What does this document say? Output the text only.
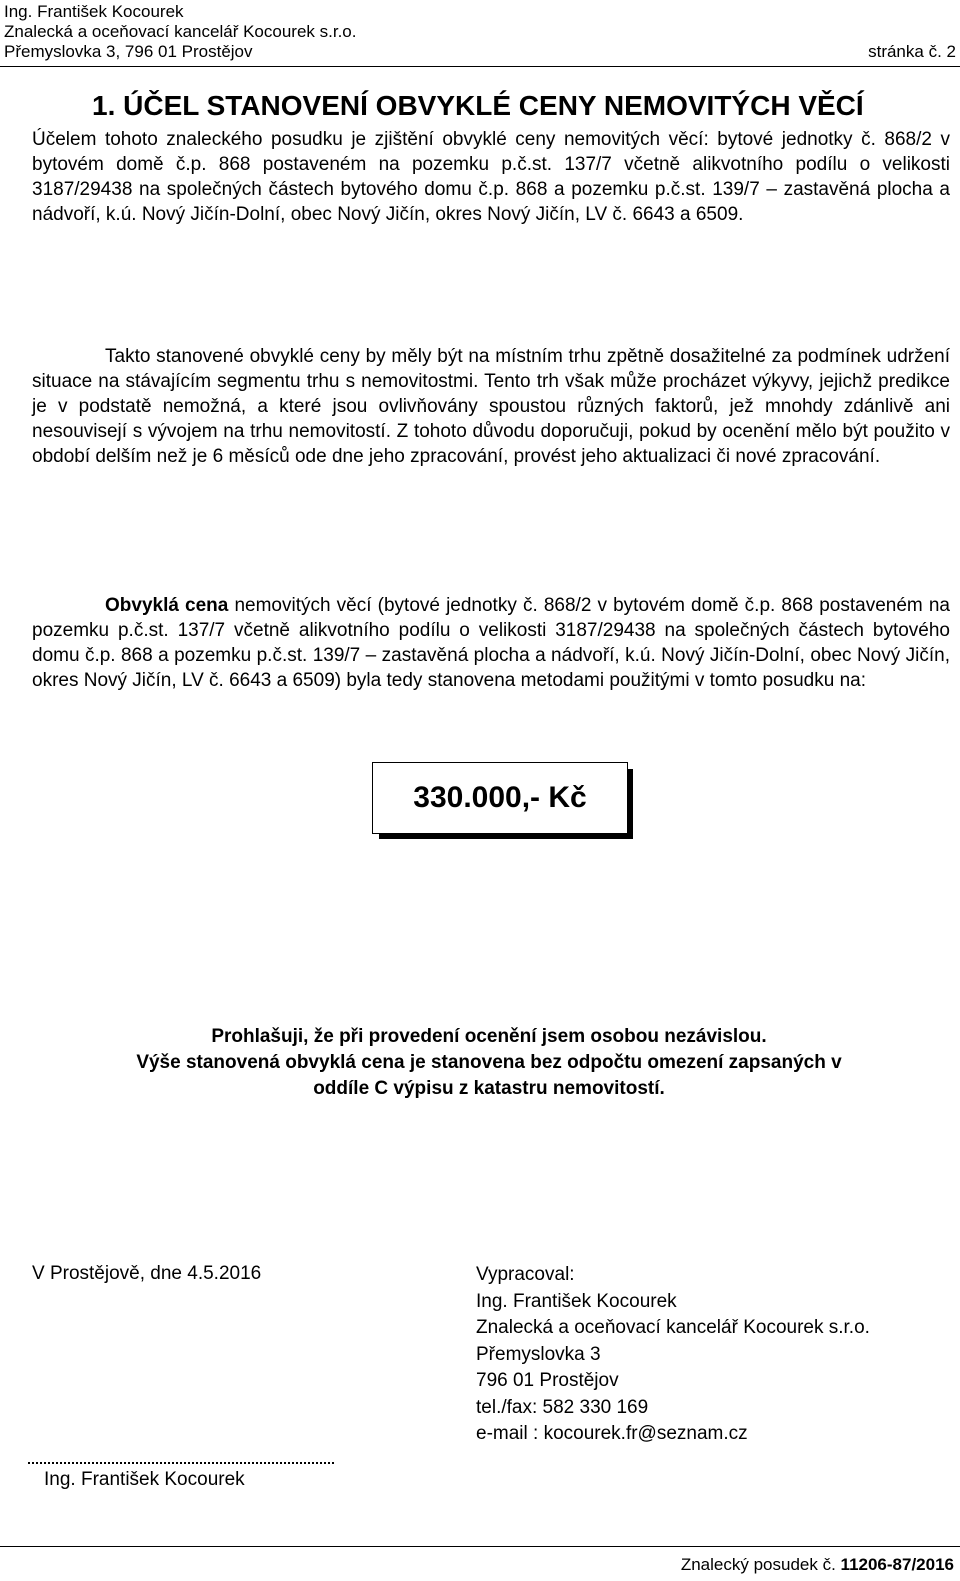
Ing. František Kocourek
Znalecká a oceňovací kancelář Kocourek s.r.o.
Přemyslovka 3, 796 01 Prostějov	stránka č. 2
1. ÚČEL STANOVENÍ OBVYKLÉ CENY NEMOVITÝCH VĚCÍ

Účelem tohoto znaleckého posudku je zjištění obvyklé ceny nemovitých věcí: bytové jednotky č. 868/2 v bytovém domě č.p. 868 postaveném na pozemku p.č.st. 137/7 včetně alikvotního podílu o velikosti 3187/29438 na společných částech bytového domu č.p. 868 a pozemku p.č.st. 139/7 – zastavěná plocha a nádvoří, k.ú. Nový Jičín-Dolní, obec Nový Jičín, okres Nový Jičín, LV č. 6643 a 6509.

Takto stanovené obvyklé ceny by měly být na místním trhu zpětně dosažitelné za podmínek udržení situace na stávajícím segmentu trhu s nemovitostmi. Tento trh však může procházet výkyvy, jejichž predikce je v podstatě nemožná, a které jsou ovlivňovány spoustou různých faktorů, jež mnohdy zdánlivě ani nesouvisejí s vývojem na trhu nemovitostí. Z tohoto důvodu doporučuji, pokud by ocenění mělo být použito v období delším než je 6 měsíců ode dne jeho zpracování, provést jeho aktualizaci či nové zpracování.

Obvyklá cena nemovitých věcí (bytové jednotky č. 868/2 v bytovém domě č.p. 868 postaveném na pozemku p.č.st. 137/7 včetně alikvotního podílu o velikosti 3187/29438 na společných částech bytového domu č.p. 868 a pozemku p.č.st. 139/7 – zastavěná plocha a nádvoří, k.ú. Nový Jičín-Dolní, obec Nový Jičín, okres Nový Jičín, LV č. 6643 a 6509) byla tedy stanovena metodami použitými v tomto posudku na:

330.000,- Kč
Prohlašuji, že při provedení ocenění jsem osobou nezávislou.
Výše stanovená obvyklá cena je stanovena bez odpočtu omezení zapsaných v
oddíle C výpisu z katastru nemovitostí.
V Prostějově, dne 4.5.2016	Vypracoval:
Ing. František Kocourek
Znalecká a oceňovací kancelář Kocourek s.r.o.
Přemyslovka 3
796 01 Prostějov
tel./fax: 582 330 169
e-mail : kocourek.fr@seznam.cz
Ing. František Kocourek
Znalecký posudek č. 11206-87/2016
